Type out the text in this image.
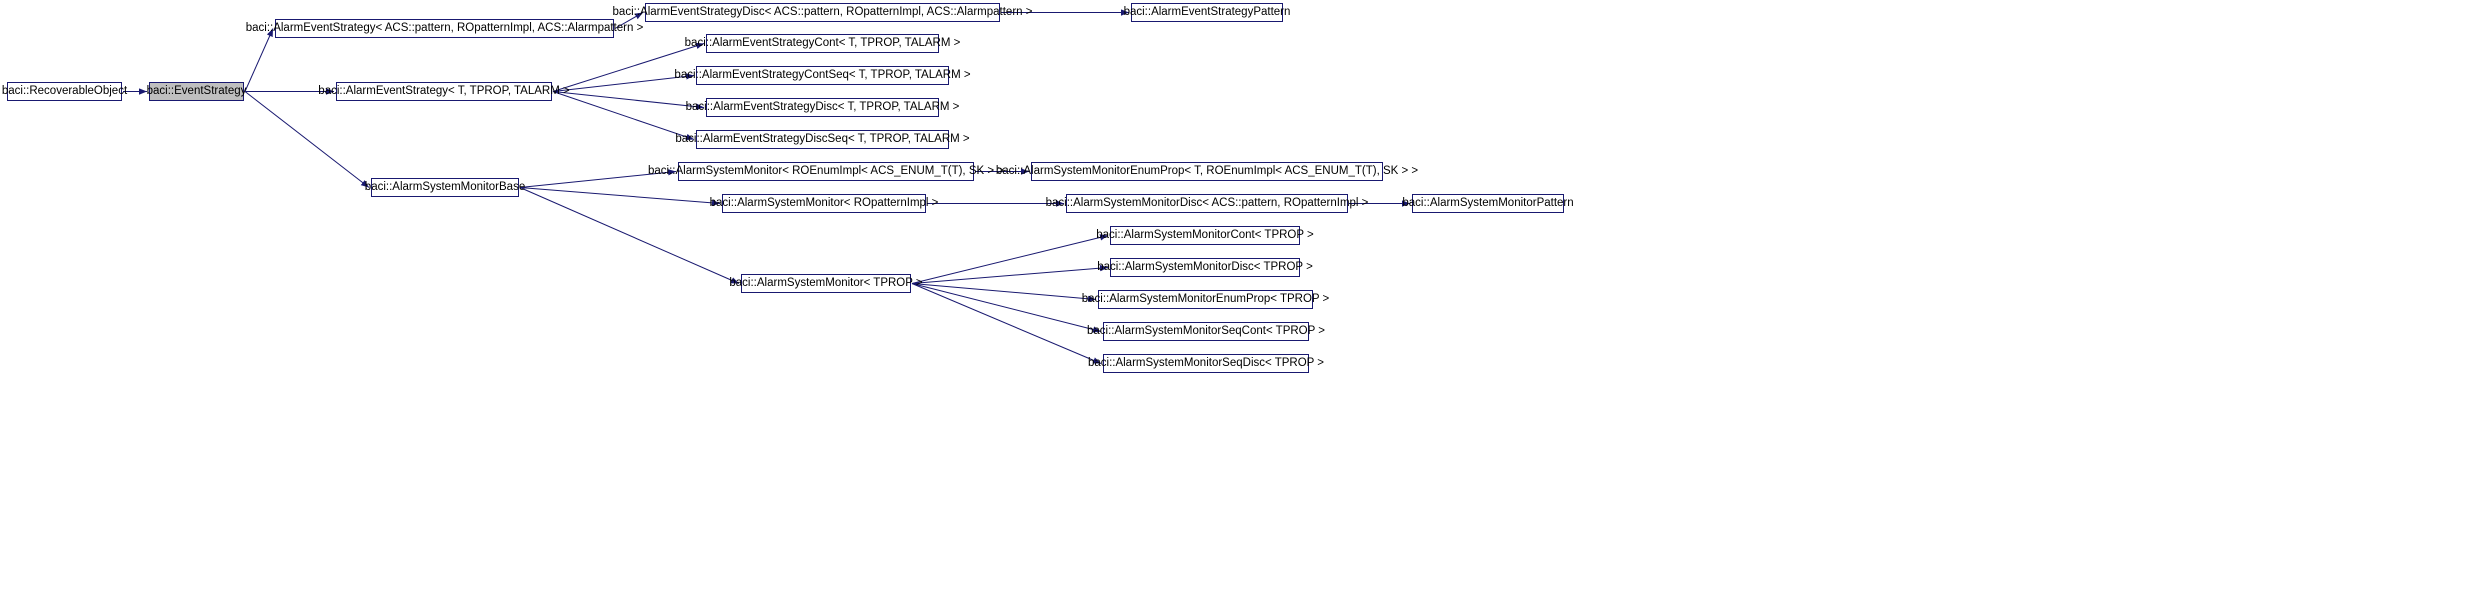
baci::RecoverableObject baci::EventStrategy
baci::AlarmEventStrategy< ACS::pattern, ROpatternImpl, ACS::Alarmpattern >
baci::AlarmEventStrategyDisc< ACS::pattern, ROpatternImpl, ACS::Alarmpattern >	baci::AlarmEventStrategyPattern
baci::AlarmEventStrategy< T, TPROP, TALARM >
baci::AlarmEventStrategyCont< T, TPROP, TALARM >
baci::AlarmEventStrategyContSeq< T, TPROP, TALARM >
baci::AlarmEventStrategyDisc< T, TPROP, TALARM >
baci::AlarmEventStrategyDiscSeq< T, TPROP, TALARM >
baci::AlarmSystemMonitorBase
baci::AlarmSystemMonitor< ROEnumImpl< ACS_ENUM_T(T), SK > >
baci::AlarmSystemMonitorEnumProp< T, ROEnumImpl< ACS_ENUM_T(T), SK > >
baci::AlarmSystemMonitor< ROpatternImpl >	baci::AlarmSystemMonitorDisc< ACS::pattern, ROpatternImpl >	baci::AlarmSystemMonitorPattern
baci::AlarmSystemMonitor< TPROP >
baci::AlarmSystemMonitorCont< TPROP >
baci::AlarmSystemMonitorDisc< TPROP >
baci::AlarmSystemMonitorEnumProp< TPROP >
baci::AlarmSystemMonitorSeqCont< TPROP >
baci::AlarmSystemMonitorSeqDisc< TPROP >
